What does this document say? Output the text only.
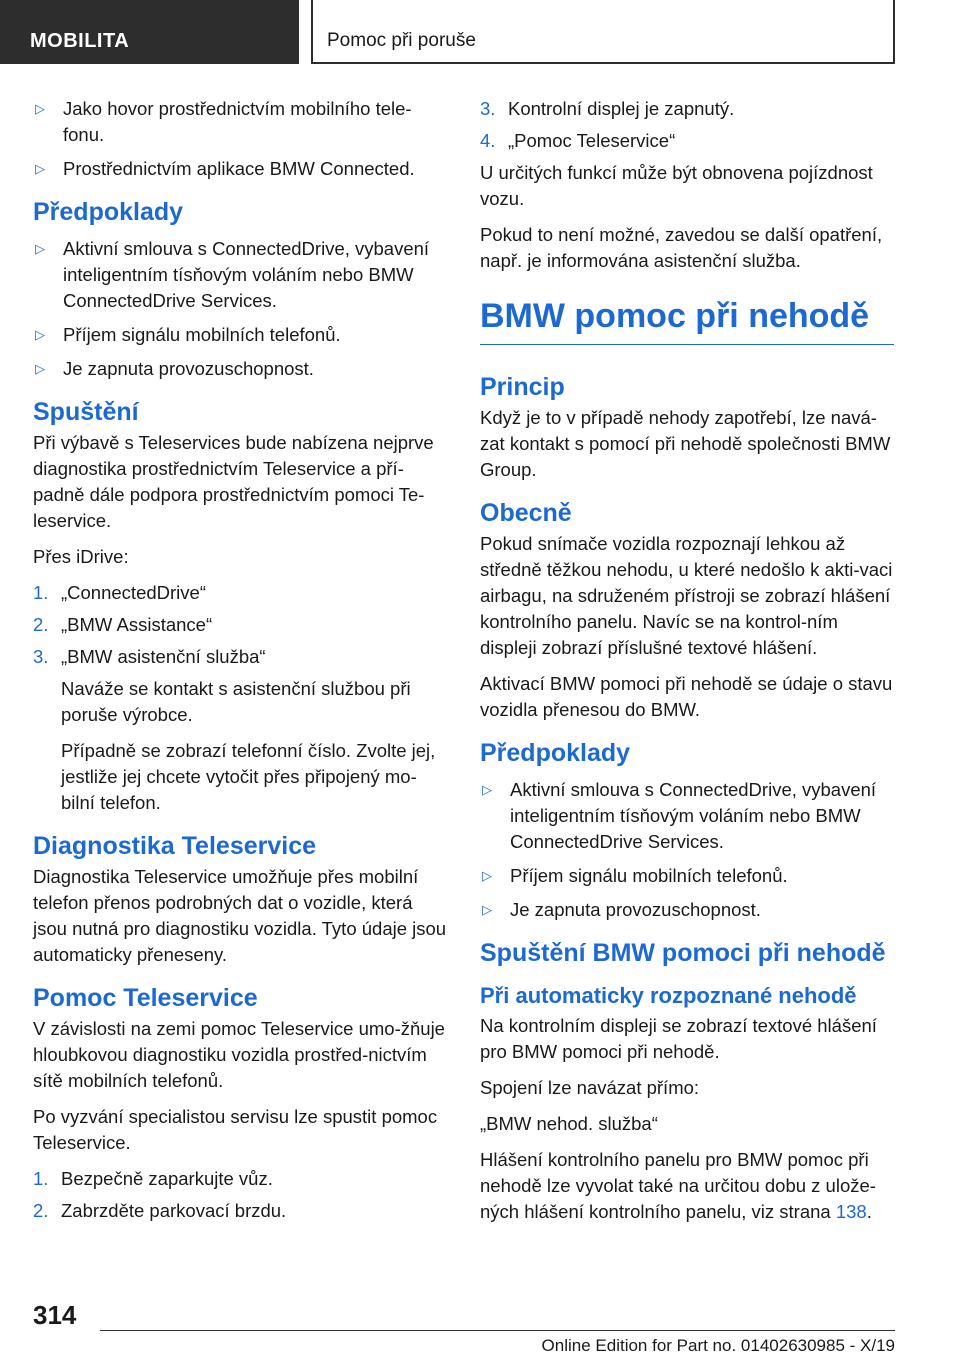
MOBILITA	Pomoc při poruše
▷ Jako hovor prostřednictvím mobilního tele‐fonu.
▷ Prostřednictvím aplikace BMW Connected.
Předpoklady
▷ Aktivní smlouva s ConnectedDrive, vybavení inteligentním tísňovým voláním nebo BMW ConnectedDrive Services.
▷ Příjem signálu mobilních telefonů.
▷ Je zapnuta provozuschopnost.
Spuštění

Při výbavě s Teleservices bude nabízena nejprve diagnostika prostřednictvím Teleservice a pří‐padně dále podpora prostřednictvím pomoci Te‐leservice.

Přes iDrive:

1. „ConnectedDrive“
2. „BMW Assistance“
3. „BMW asistenční služba“

Naváže se kontakt s asistenční službou při poruše výrobce.

Případně se zobrazí telefonní číslo. Zvolte jej, jestliže jej chcete vytočit přes připojený mo‐bilní telefon.

Diagnostika Teleservice

Diagnostika Teleservice umožňuje přes mobilní telefon přenos podrobných dat o vozidle, která jsou nutná pro diagnostiku vozidla. Tyto údaje jsou automaticky přeneseny.

Pomoc Teleservice

V závislosti na zemi pomoc Teleservice umo‐žňuje hloubkovou diagnostiku vozidla prostřed‐nictvím sítě mobilních telefonů.

Po vyzvání specialistou servisu lze spustit pomoc Teleservice.

1. Bezpečně zaparkujte vůz.
2. Zabrzděte parkovací brzdu.
3. Kontrolní displej je zapnutý.
4. „Pomoc Teleservice“

U určitých funkcí může být obnovena pojízdnost vozu.

Pokud to není možné, zavedou se další opatření, např. je informována asistenční služba.

BMW pomoc při nehodě
Princip

Když je to v případě nehody zapotřebí, lze navá‐zat kontakt s pomocí při nehodě společnosti BMW Group.

Obecně

Pokud snímače vozidla rozpoznají lehkou až středně těžkou nehodu, u které nedošlo k akti‐vaci airbagu, na sdruženém přístroji se zobrazí hlášení kontrolního panelu. Navíc se na kontrol‐ním displeji zobrazí příslušné textové hlášení.

Aktivací BMW pomoci při nehodě se údaje o stavu vozidla přenesou do BMW.

Předpoklady
▷ Aktivní smlouva s ConnectedDrive, vybavení inteligentním tísňovým voláním nebo BMW ConnectedDrive Services.
▷ Příjem signálu mobilních telefonů.
▷ Je zapnuta provozuschopnost.
Spuštění BMW pomoci při nehodě
Při automaticky rozpoznané nehodě

Na kontrolním displeji se zobrazí textové hlášení pro BMW pomoci při nehodě.

Spojení lze navázat přímo:

„BMW nehod. služba“

Hlášení kontrolního panelu pro BMW pomoc při nehodě lze vyvolat také na určitou dobu z ulože‐ných hlášení kontrolního panelu, viz strana 138.

314
Online Edition for Part no. 01402630985 - X/19
